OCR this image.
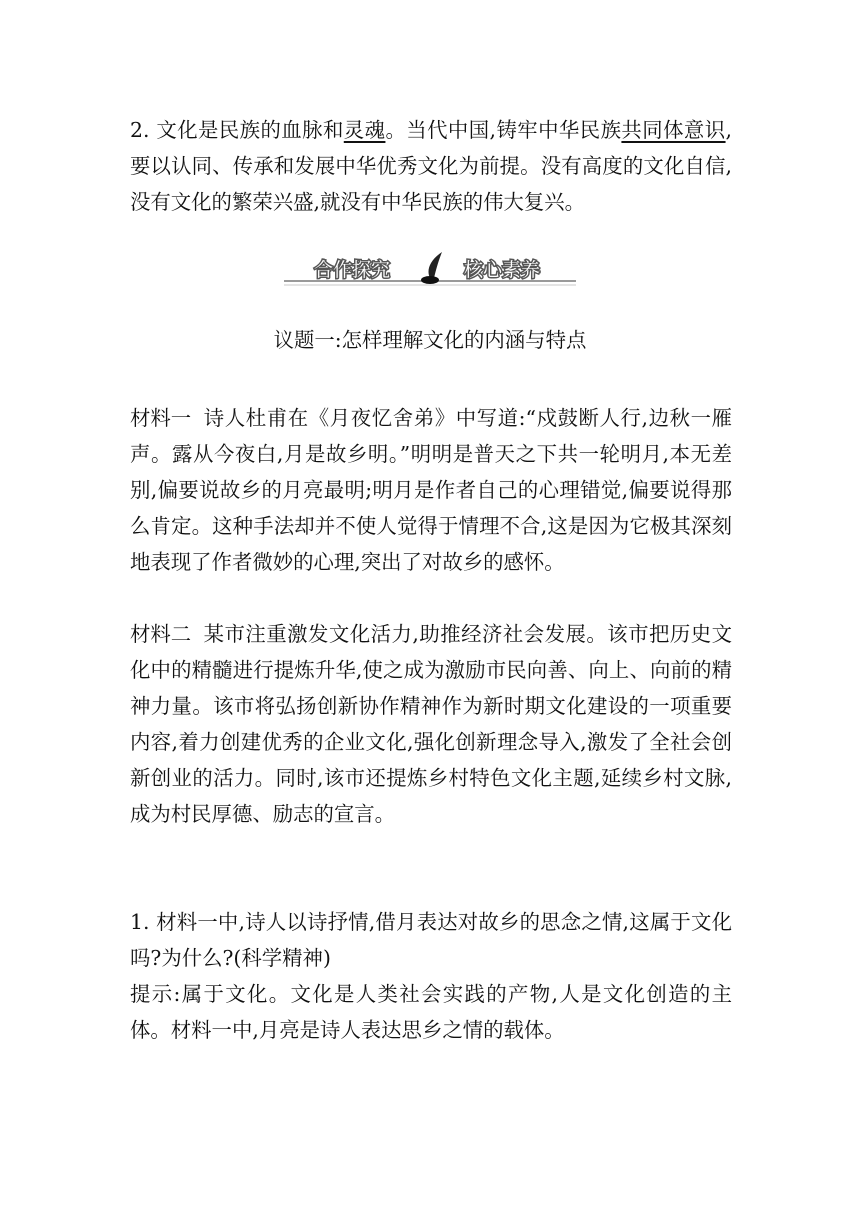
2. 文化是民族的血脉和灵魂。当代中国,铸牢中华民族共同体意识,要以认同、传承和发展中华优秀文化为前提。没有高度的文化自信,没有文化的繁荣兴盛,就没有中华民族的伟大复兴。
合作探究	核心素养
议题一:怎样理解文化的内涵与特点
材料一 诗人杜甫在《月夜忆舍弟》中写道:“戍鼓断人行,边秋一雁声。露从今夜白,月是故乡明。”明明是普天之下共一轮明月,本无差别,偏要说故乡的月亮最明;明月是作者自己的心理错觉,偏要说得那么肯定。这种手法却并不使人觉得于情理不合,这是因为它极其深刻地表现了作者微妙的心理,突出了对故乡的感怀。
材料二 某市注重激发文化活力,助推经济社会发展。该市把历史文化中的精髓进行提炼升华,使之成为激励市民向善、向上、向前的精神力量。该市将弘扬创新协作精神作为新时期文化建设的一项重要内容,着力创建优秀的企业文化,强化创新理念导入,激发了全社会创新创业的活力。同时,该市还提炼乡村特色文化主题,延续乡村文脉,成为村民厚德、励志的宣言。
1. 材料一中,诗人以诗抒情,借月表达对故乡的思念之情,这属于文化吗?为什么?(科学精神)
提示:属于文化。文化是人类社会实践的产物,人是文化创造的主体。材料一中,月亮是诗人表达思乡之情的载体。
